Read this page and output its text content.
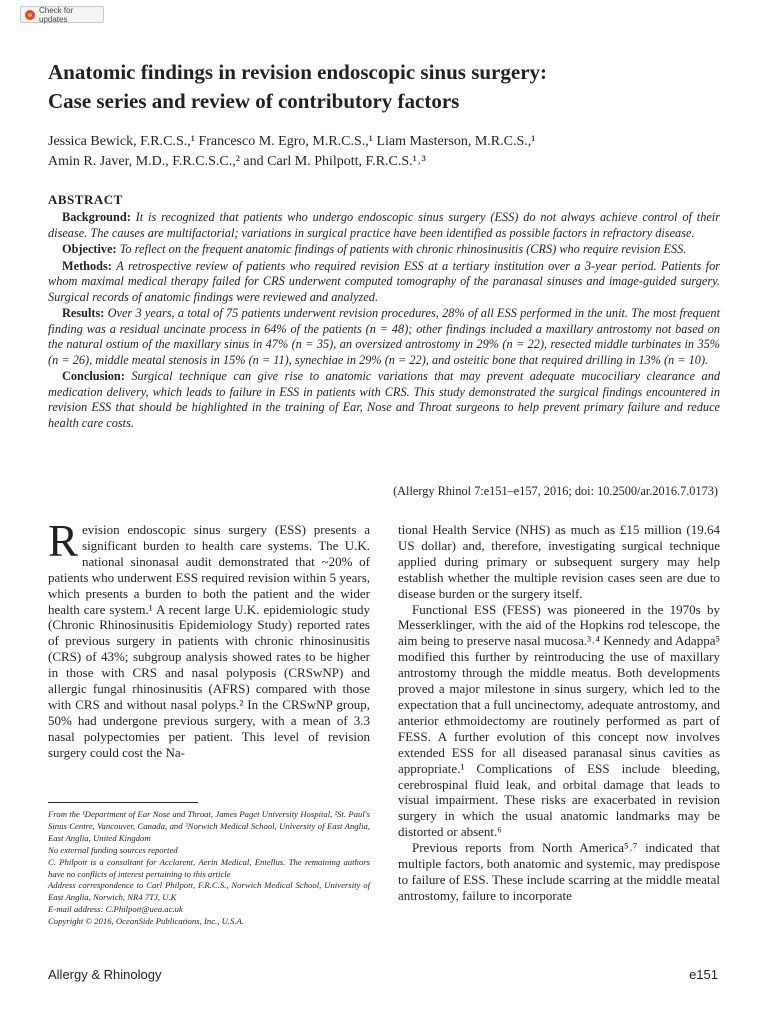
Check for updates
Anatomic findings in revision endoscopic sinus surgery:
Case series and review of contributory factors
Jessica Bewick, F.R.C.S.,¹ Francesco M. Egro, M.R.C.S.,¹ Liam Masterson, M.R.C.S.,¹
Amin R. Javer, M.D., F.R.C.S.C.,² and Carl M. Philpott, F.R.C.S.¹˒³
ABSTRACT

Background: It is recognized that patients who undergo endoscopic sinus surgery (ESS) do not always achieve control of their disease. The causes are multifactorial; variations in surgical practice have been identified as possible factors in refractory disease.

Objective: To reflect on the frequent anatomic findings of patients with chronic rhinosinusitis (CRS) who require revision ESS.

Methods: A retrospective review of patients who required revision ESS at a tertiary institution over a 3-year period. Patients for whom maximal medical therapy failed for CRS underwent computed tomography of the paranasal sinuses and image-guided surgery. Surgical records of anatomic findings were reviewed and analyzed.

Results: Over 3 years, a total of 75 patients underwent revision procedures, 28% of all ESS performed in the unit. The most frequent finding was a residual uncinate process in 64% of the patients (n = 48); other findings included a maxillary antrostomy not based on the natural ostium of the maxillary sinus in 47% (n = 35), an oversized antrostomy in 29% (n = 22), resected middle turbinates in 35% (n = 26), middle meatal stenosis in 15% (n = 11), synechiae in 29% (n = 22), and osteitic bone that required drilling in 13% (n = 10).

Conclusion: Surgical technique can give rise to anatomic variations that may prevent adequate mucociliary clearance and medication delivery, which leads to failure in ESS in patients with CRS. This study demonstrated the surgical findings encountered in revision ESS that should be highlighted in the training of Ear, Nose and Throat surgeons to help prevent primary failure and reduce health care costs.

(Allergy Rhinol 7:e151–e157, 2016; doi: 10.2500/ar.2016.7.0173)

Revision endoscopic sinus surgery (ESS) presents a significant burden to health care systems. The U.K. national sinonasal audit demonstrated that ~20% of patients who underwent ESS required revision within 5 years, which presents a burden to both the patient and the wider health care system.¹ A recent large U.K. epidemiologic study (Chronic Rhinosinusitis Epidemiology Study) reported rates of previous surgery in patients with chronic rhinosinusitis (CRS) of 43%; subgroup analysis showed rates to be higher in those with CRS and nasal polyposis (CRSwNP) and allergic fungal rhinosinusitis (AFRS) compared with those with CRS and without nasal polyps.² In the CRSwNP group, 50% had undergone previous surgery, with a mean of 3.3 nasal polypectomies per patient. This level of revision surgery could cost the Na-

tional Health Service (NHS) as much as £15 million (19.64 US dollar) and, therefore, investigating surgical technique applied during primary or subsequent surgery may help establish whether the multiple revision cases seen are due to disease burden or the surgery itself.

Functional ESS (FESS) was pioneered in the 1970s by Messerklinger, with the aid of the Hopkins rod telescope, the aim being to preserve nasal mucosa.³˒⁴ Kennedy and Adappa⁵ modified this further by reintroducing the use of maxillary antrostomy through the middle meatus. Both developments proved a major milestone in sinus surgery, which led to the expectation that a full uncinectomy, adequate antrostomy, and anterior ethmoidectomy are routinely performed as part of FESS. A further evolution of this concept now involves extended ESS for all diseased paranasal sinus cavities as appropriate.¹ Complications of ESS include bleeding, cerebrospinal fluid leak, and orbital damage that leads to visual impairment. These risks are exacerbated in revision surgery in which the usual anatomic landmarks may be distorted or absent.⁶

Previous reports from North America⁵˒⁷ indicated that multiple factors, both anatomic and systemic, may predispose to failure of ESS. These include scarring at the middle meatal antrostomy, failure to incorporate

From the ¹Department of Ear Nose and Throat, James Paget University Hospital, ²St. Paul's Sinus Centre, Vancouver, Canada, and ³Norwich Medical School, University of East Anglia, East Anglia, United Kingdom

No external funding sources reported

C. Philpott is a consultant for Acclarent, Aerin Medical, Entellus. The remaining authors have no conflicts of interest pertaining to this article

Address correspondence to Carl Philpott, F.R.C.S., Norwich Medical School, University of East Anglia, Norwich, NR4 7TJ, U.K

E-mail address: C.Philpott@uea.ac.uk

Copyright © 2016, OceanSide Publications, Inc., U.S.A.

Allergy & Rhinology	e151
